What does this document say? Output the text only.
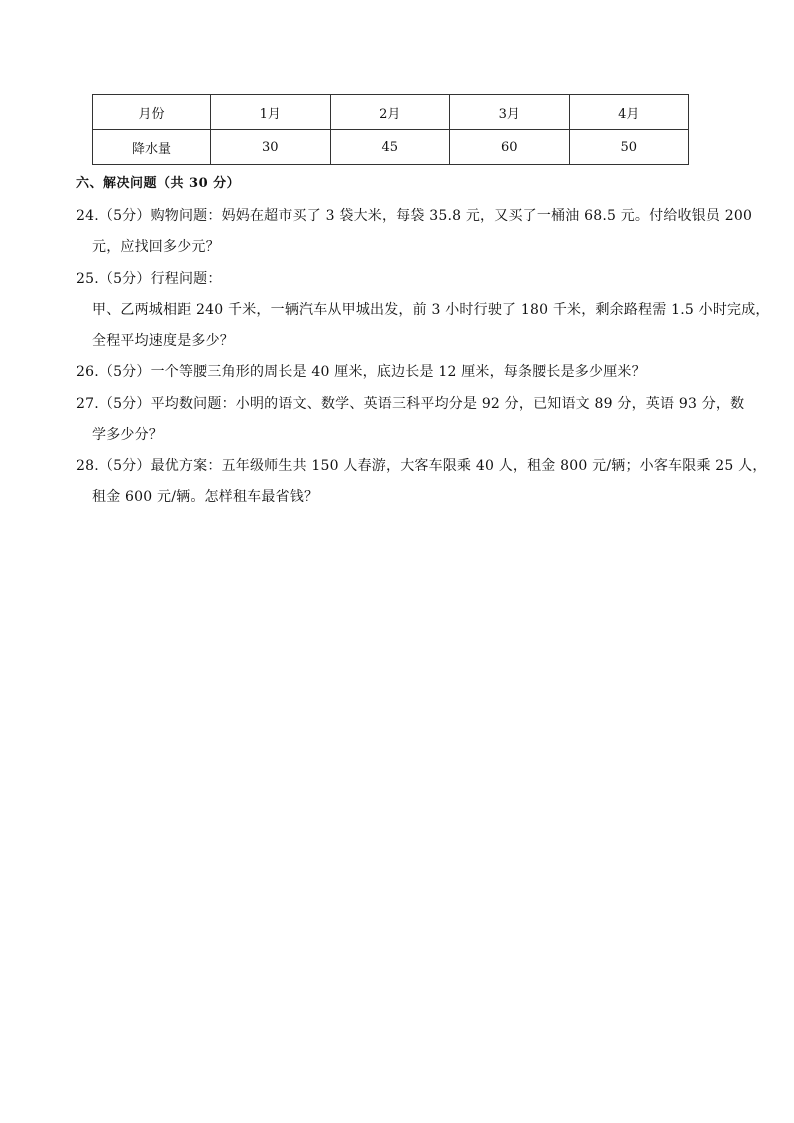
月份	1月	2月	3月	4月
降水量	30	45	60	50
六、解决问题（共 30 分）
24.（5分）购物问题：妈妈在超市买了 3 袋大米，每袋 35.8 元，又买了一桶油 68.5 元。付给收银员 200
元，应找回多少元？
25.（5分）行程问题：
甲、乙两城相距 240 千米，一辆汽车从甲城出发，前 3 小时行驶了 180 千米，剩余路程需 1.5 小时完成，
全程平均速度是多少？
26.（5分）一个等腰三角形的周长是 40 厘米，底边长是 12 厘米，每条腰长是多少厘米？
27.（5分）平均数问题：小明的语文、数学、英语三科平均分是 92 分，已知语文 89 分，英语 93 分，数
学多少分？
28.（5分）最优方案：五年级师生共 150 人春游，大客车限乘 40 人，租金 800 元/辆；小客车限乘 25 人，
租金 600 元/辆。怎样租车最省钱？
